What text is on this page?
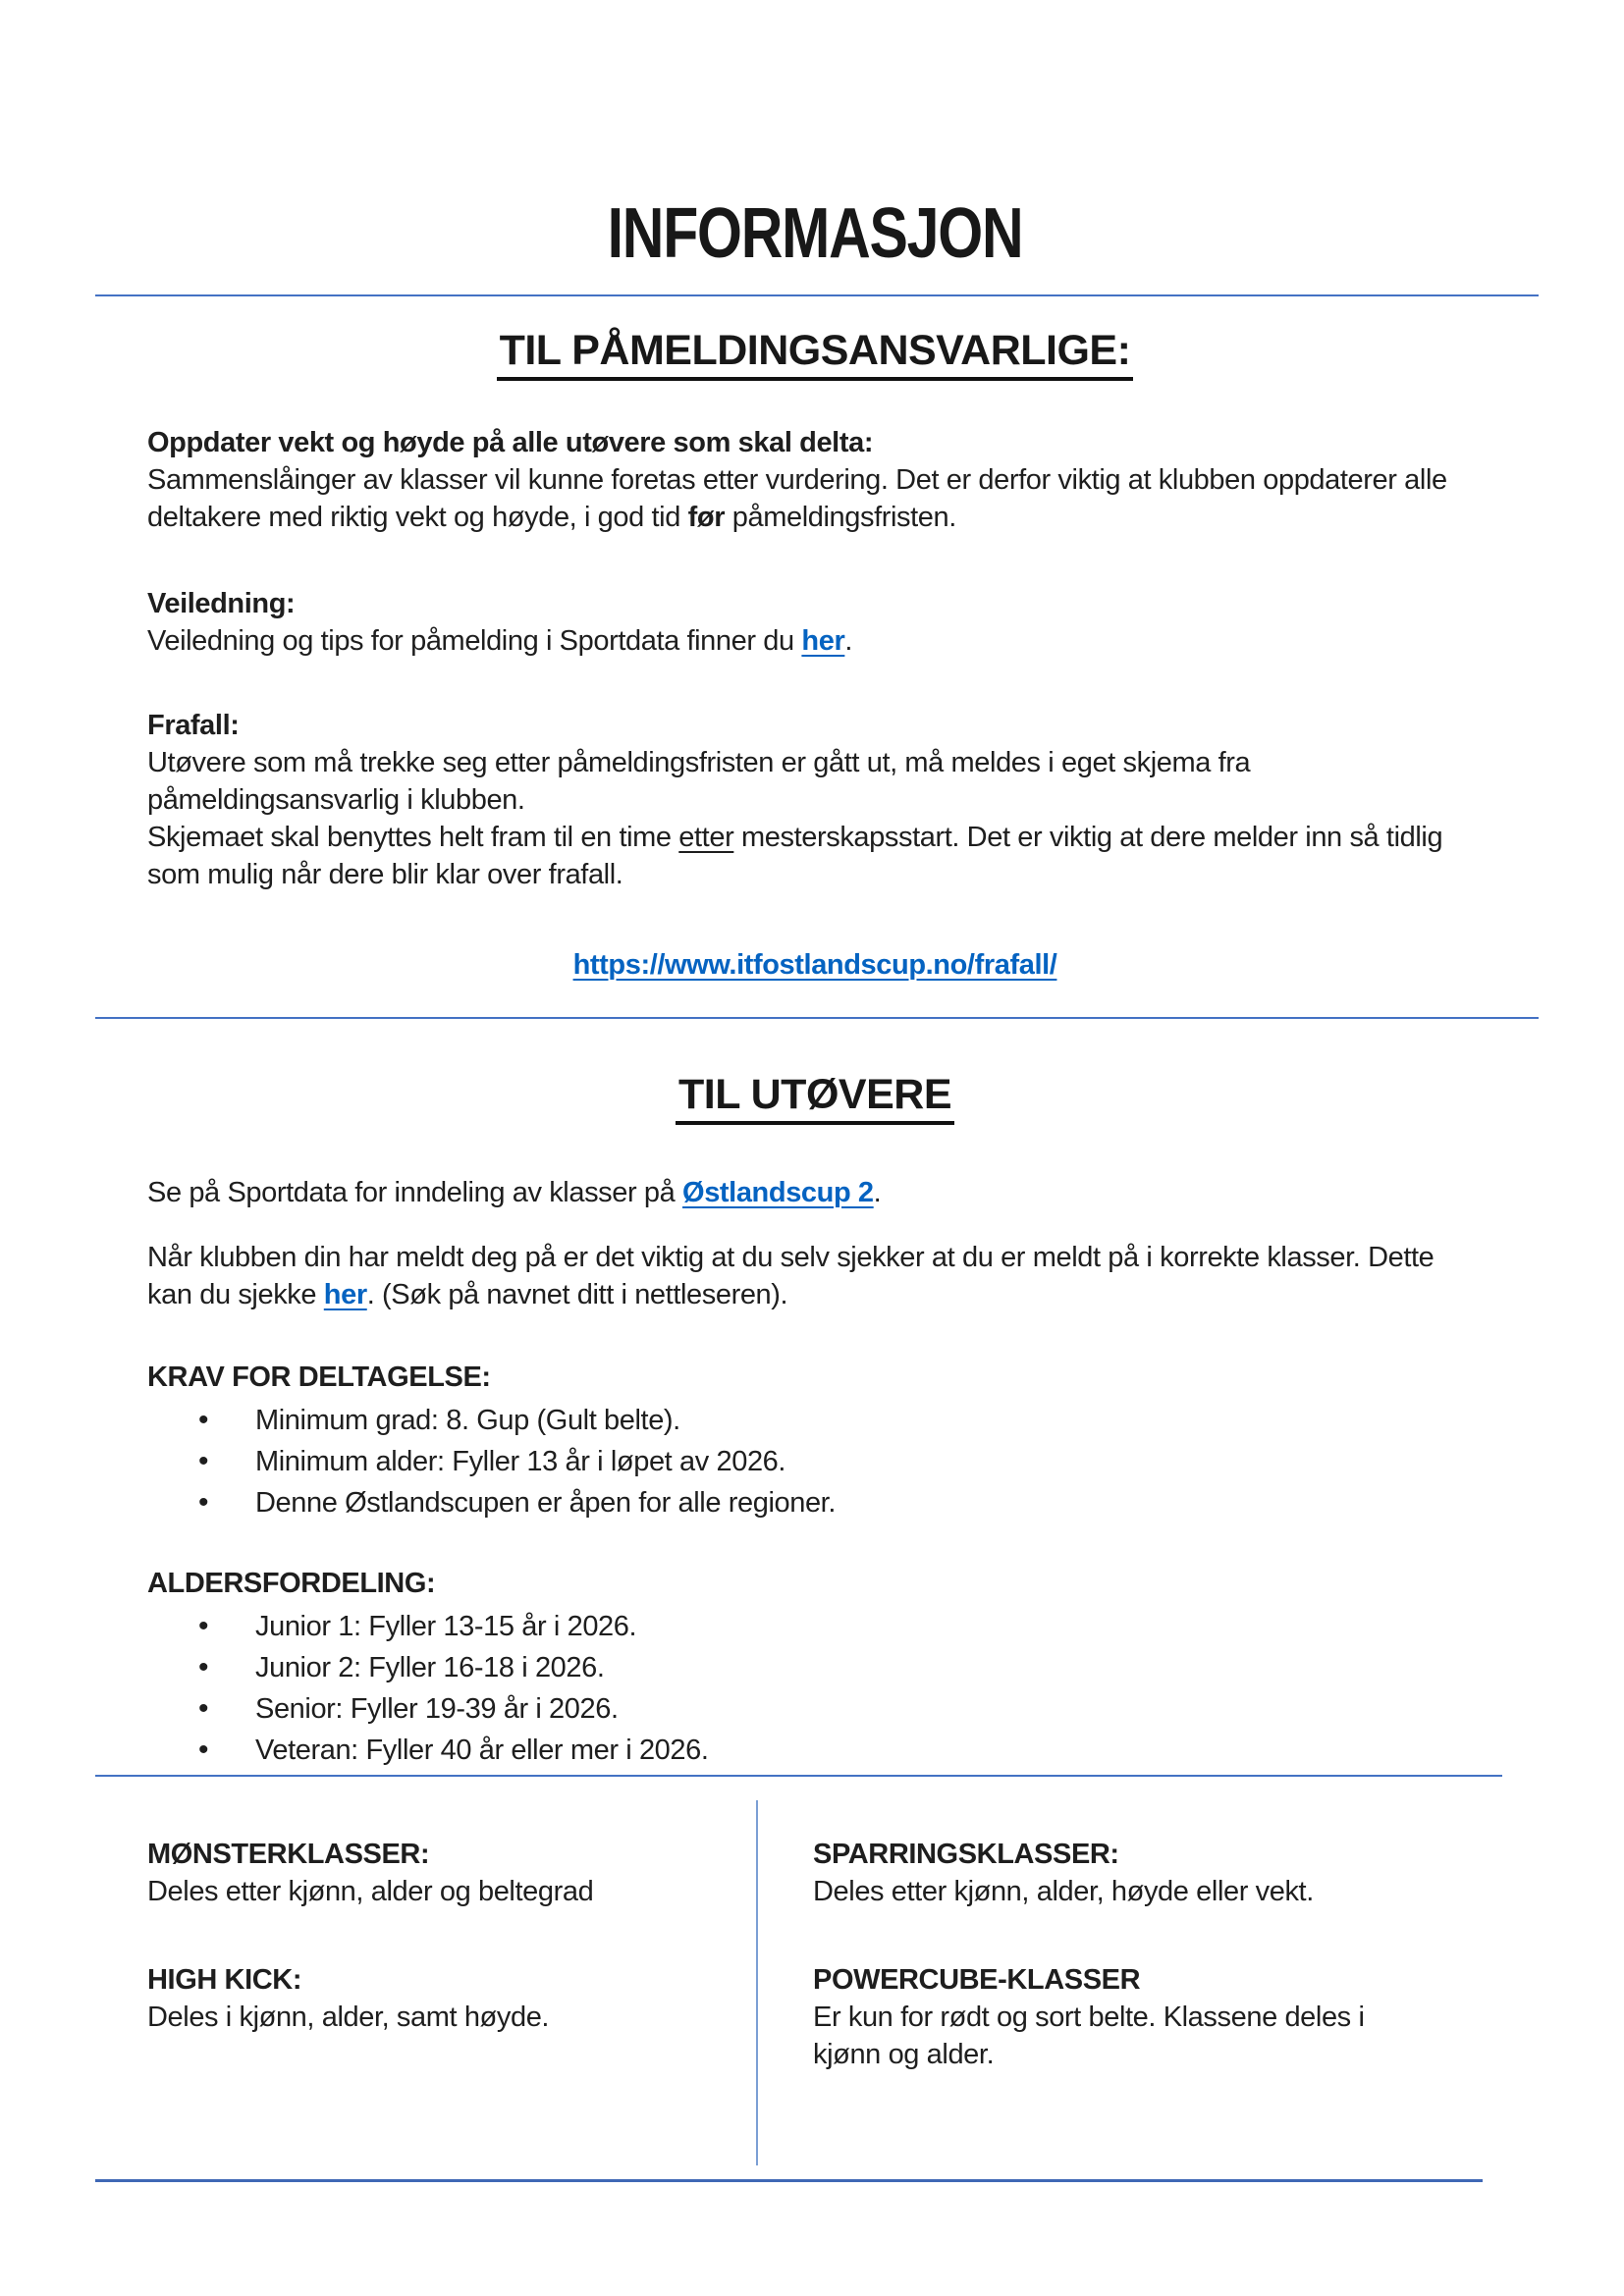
INFORMASJON
TIL PÅMELDINGSANSVARLIGE:
Oppdater vekt og høyde på alle utøvere som skal delta:
Sammenslåinger av klasser vil kunne foretas etter vurdering. Det er derfor viktig at klubben oppdaterer alle deltakere med riktig vekt og høyde, i god tid før påmeldingsfristen.
Veiledning:
Veiledning og tips for påmelding i Sportdata finner du her.
Frafall:
Utøvere som må trekke seg etter påmeldingsfristen er gått ut, må meldes i eget skjema fra påmeldingsansvarlig i klubben.
Skjemaet skal benyttes helt fram til en time etter mesterskapsstart. Det er viktig at dere melder inn så tidlig som mulig når dere blir klar over frafall.
https://www.itfostlandscup.no/frafall/
TIL UTØVERE
Se på Sportdata for inndeling av klasser på Østlandscup 2.
Når klubben din har meldt deg på er det viktig at du selv sjekker at du er meldt på i korrekte klasser. Dette kan du sjekke her. (Søk på navnet ditt i nettleseren).
KRAV FOR DELTAGELSE:
• Minimum grad: 8. Gup (Gult belte).
• Minimum alder: Fyller 13 år i løpet av 2026.
• Denne Østlandscupen er åpen for alle regioner.
ALDERSFORDELING:
• Junior 1: Fyller 13-15 år i 2026.
• Junior 2: Fyller 16-18 i 2026.
• Senior: Fyller 19-39 år i 2026.
• Veteran: Fyller 40 år eller mer i 2026.
MØNSTERKLASSER:
Deles etter kjønn, alder og beltegrad
HIGH KICK:
Deles i kjønn, alder, samt høyde.
SPARRINGSKLASSER:
Deles etter kjønn, alder, høyde eller vekt.
POWERCUBE-KLASSER
Er kun for rødt og sort belte. Klassene deles i kjønn og alder.
